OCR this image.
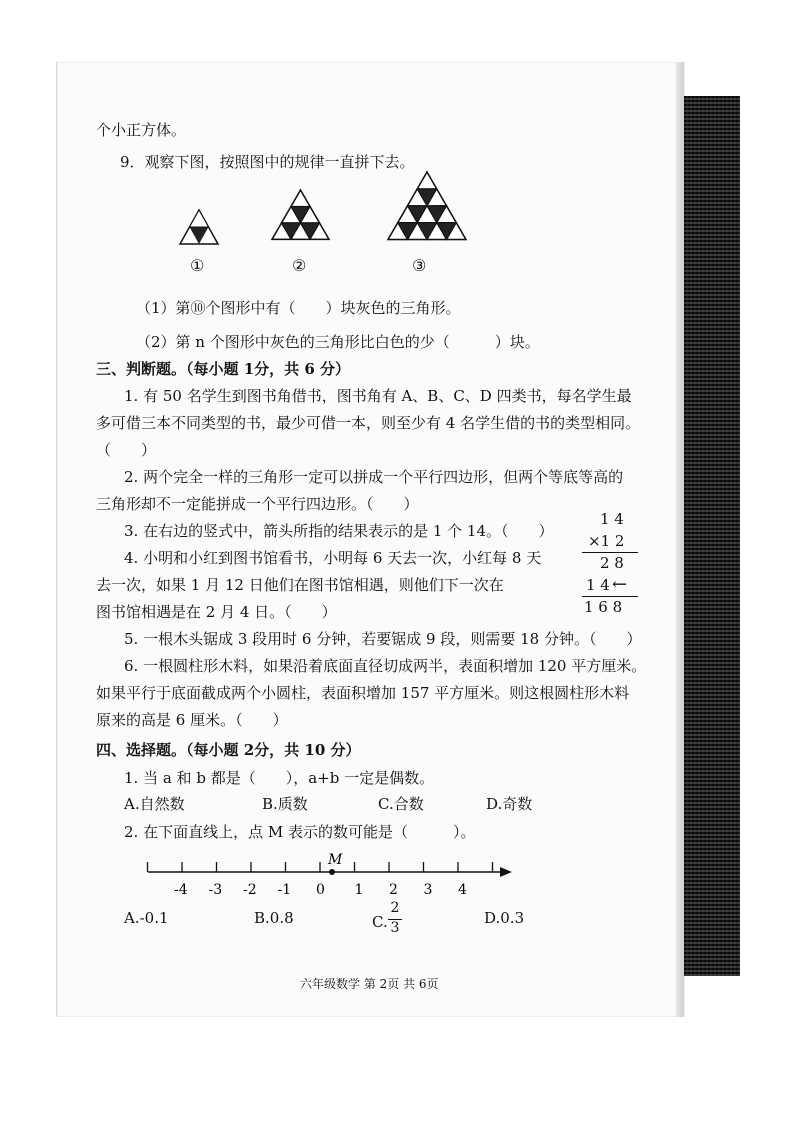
个小正方体。
9．观察下图，按照图中的规律一直拼下去。
①	②	③
（1）第⑩个图形中有（　　）块灰色的三角形。
（2）第 n 个图形中灰色的三角形比白色的少（　　　）块。
三、判断题。（每小题 1分，共 6 分）
1. 有 50 名学生到图书角借书，图书角有 A、B、C、D 四类书，每名学生最
多可借三本不同类型的书，最少可借一本，则至少有 4 名学生借的书的类型相同。
（　　）
2. 两个完全一样的三角形一定可以拼成一个平行四边形，但两个等底等高的
三角形却不一定能拼成一个平行四边形。（　　）
3. 在右边的竖式中，箭头所指的结果表示的是 1 个 14。（　　）
4. 小明和小红到图书馆看书，小明每 6 天去一次，小红每 8 天
去一次，如果 1 月 12 日他们在图书馆相遇，则他们下一次在
图书馆相遇是在 2 月 4 日。（　　）
1 4
×1 2
2 8
1 4 ←
1 6 8
5. 一根木头锯成 3 段用时 6 分钟，若要锯成 9 段，则需要 18 分钟。（　　）
6. 一根圆柱形木料，如果沿着底面直径切成两半，表面积增加 120 平方厘米。
如果平行于底面截成两个小圆柱，表面积增加 157 平方厘米。则这根圆柱形木料
原来的高是 6 厘米。（　　）
四、选择题。（每小题 2分，共 10 分）
1. 当 a 和 b 都是（　　），a+b 一定是偶数。
A.自然数	B.质数	C.合数	D.奇数
2. 在下面直线上，点 M 表示的数可能是（　　　）。
-4 -3 -2 -1 0 1 2 3 4
M
A.-0.1	B.0.8	C.
2
3
D.0.3
六年级数学 第 2页 共 6页
